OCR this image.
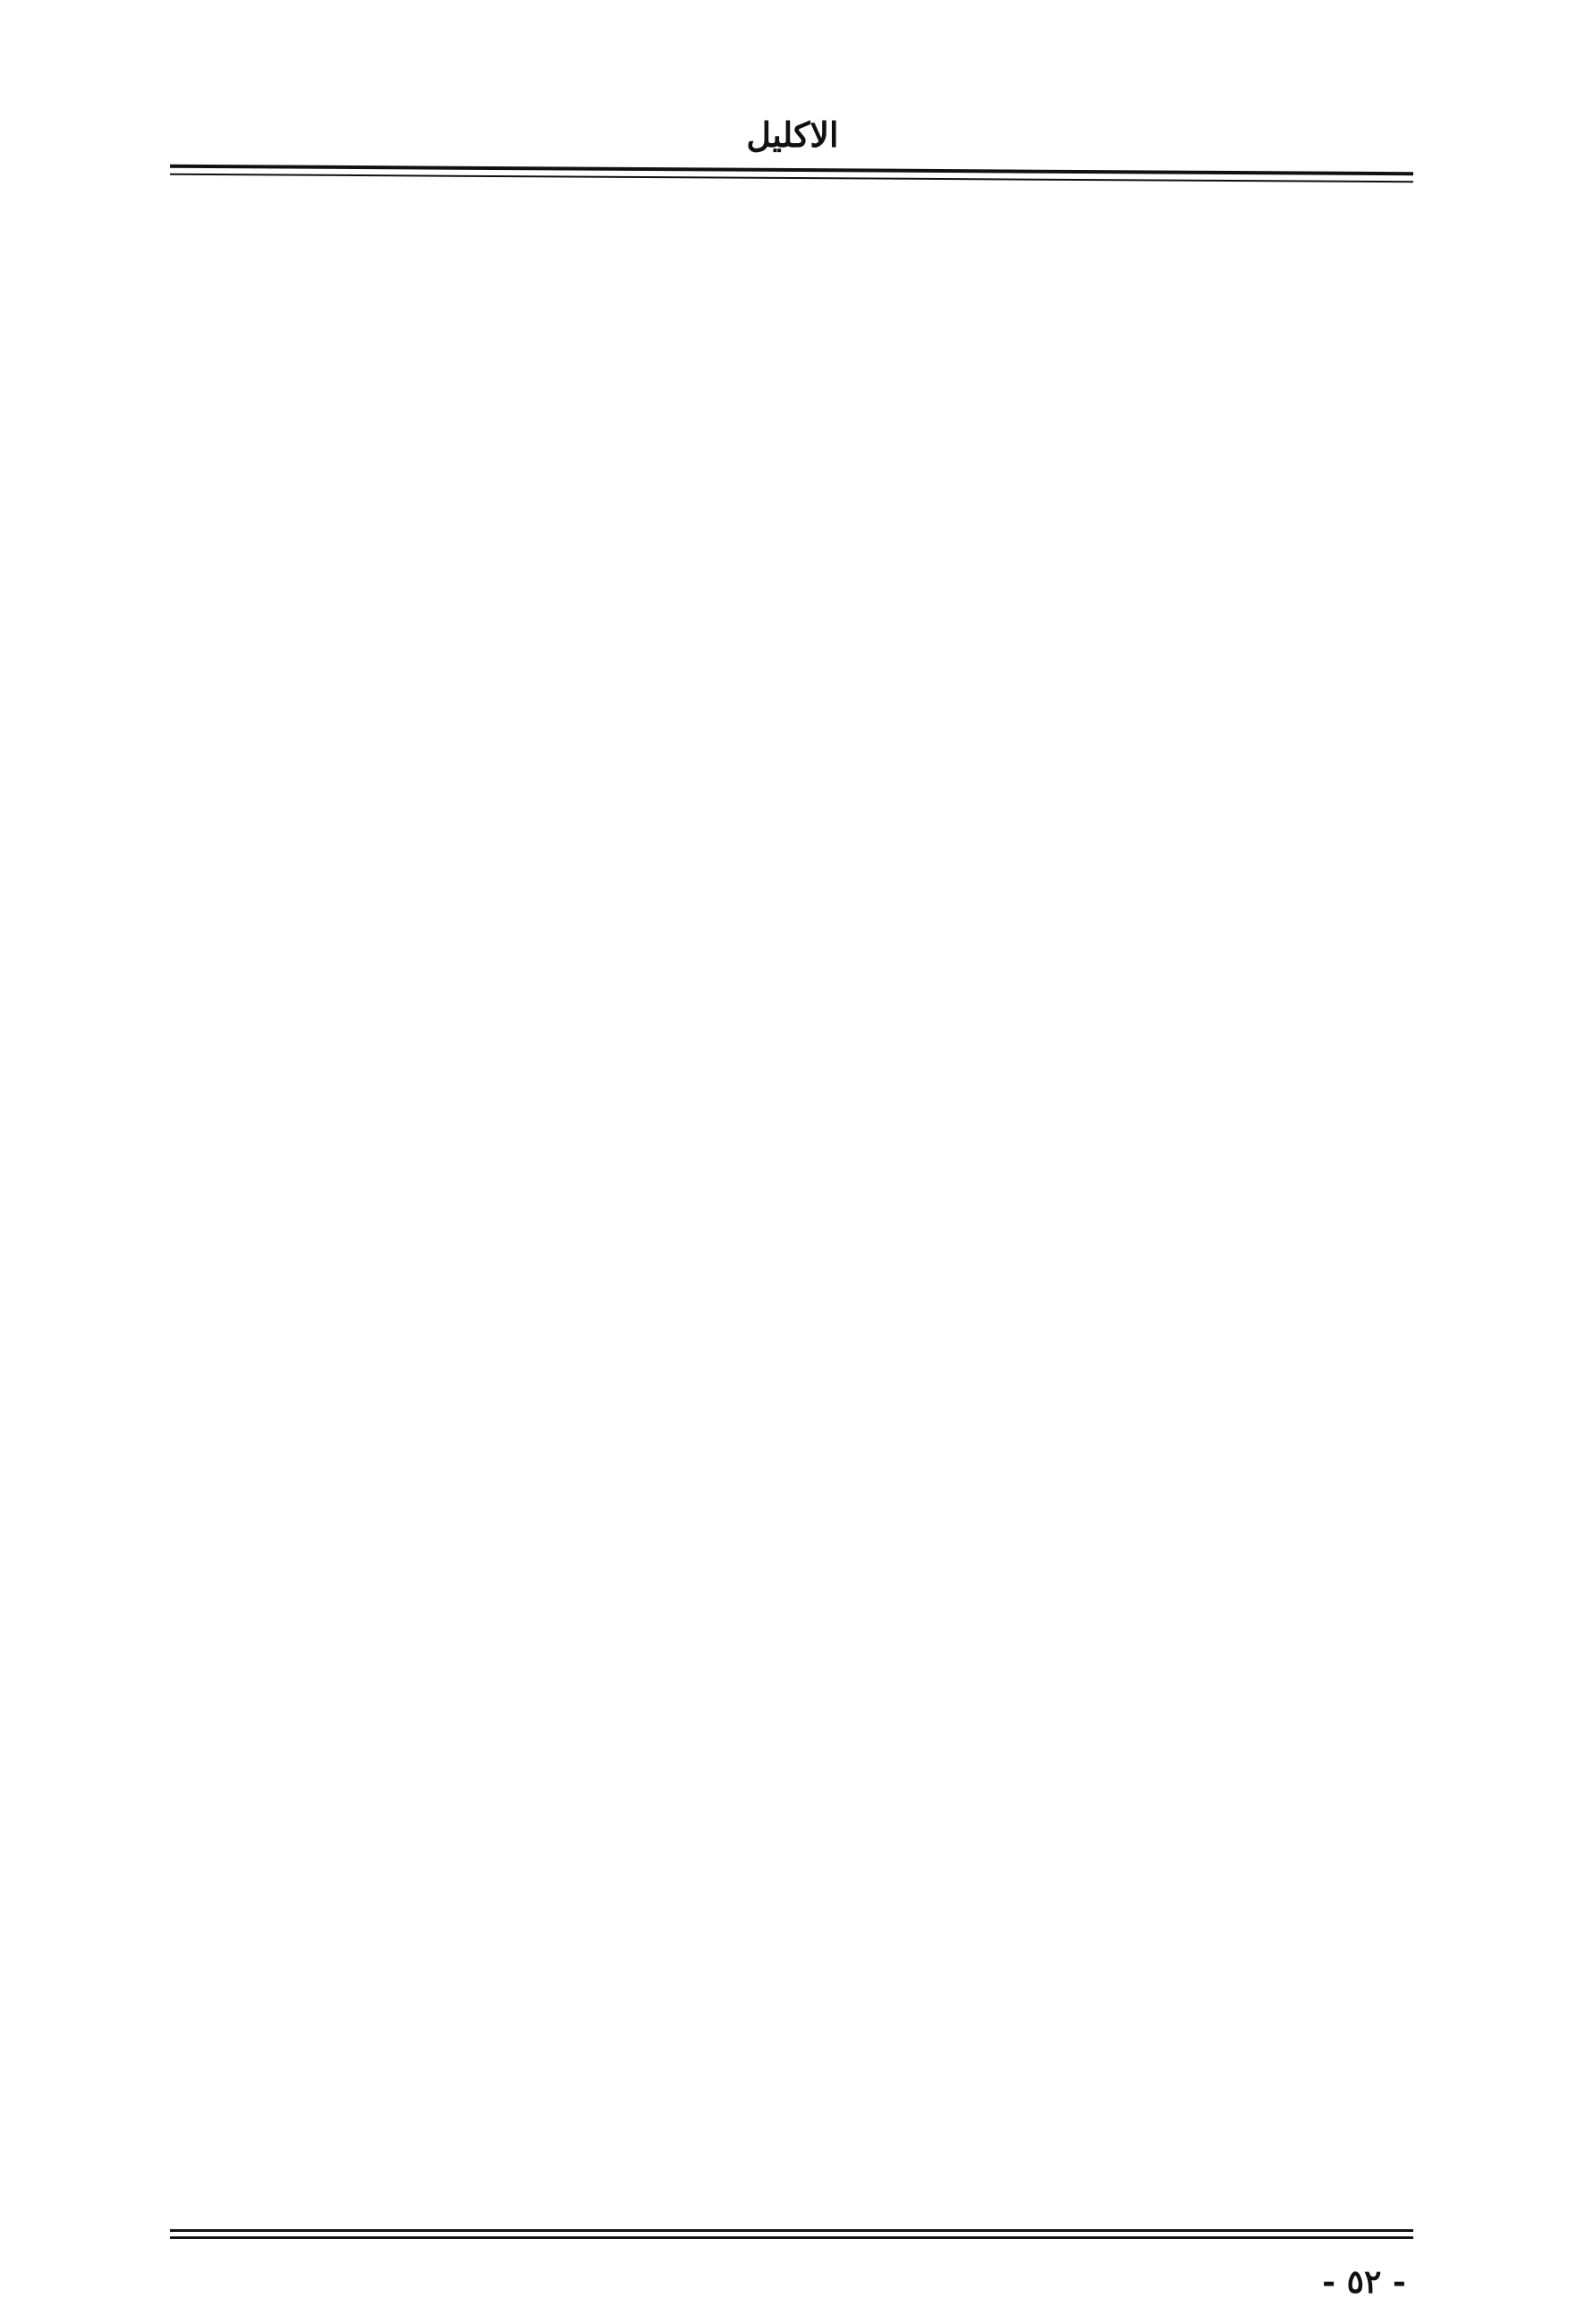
الاكليل
- ٥٢ -
